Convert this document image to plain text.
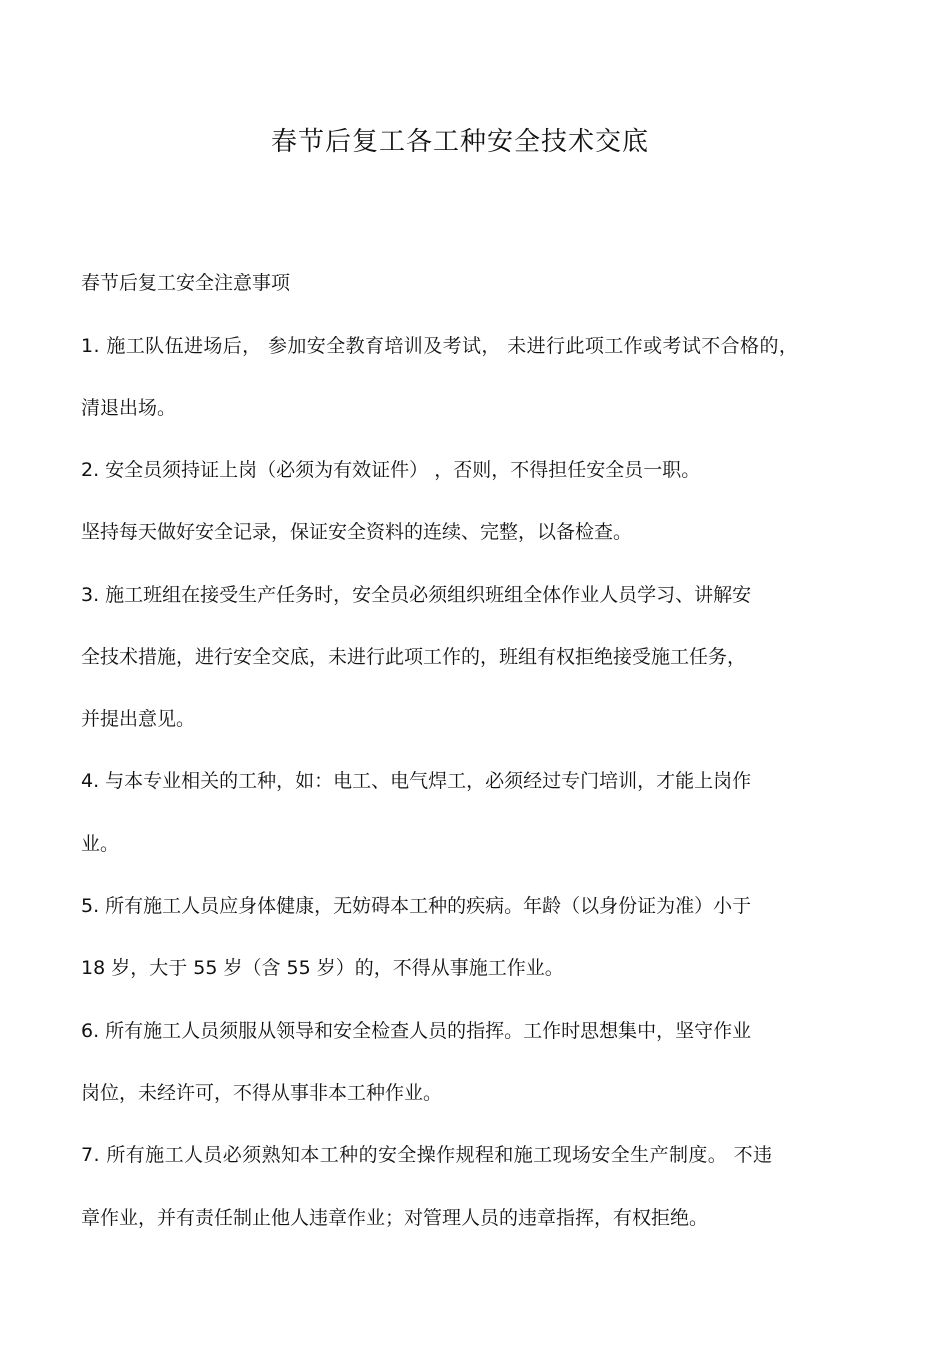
春节后复工各工种安全技术交底

春节后复工安全注意事项

1. 施工队伍进场后， 参加安全教育培训及考试， 未进行此项工作或考试不合格的，

清退出场。

2. 安全员须持证上岗（必须为有效证件） ，否则，不得担任安全员一职。

坚持每天做好安全记录，保证安全资料的连续、完整，以备检查。

3. 施工班组在接受生产任务时，安全员必须组织班组全体作业人员学习、讲解安

全技术措施，进行安全交底，未进行此项工作的，班组有权拒绝接受施工任务，

并提出意见。

4. 与本专业相关的工种，如：电工、电气焊工，必须经过专门培训，才能上岗作

业。

5. 所有施工人员应身体健康，无妨碍本工种的疾病。年龄（以身份证为准）小于

18 岁，大于 55 岁（含 55 岁）的，不得从事施工作业。

6. 所有施工人员须服从领导和安全检查人员的指挥。工作时思想集中，坚守作业

岗位，未经许可，不得从事非本工种作业。

7. 所有施工人员必须熟知本工种的安全操作规程和施工现场安全生产制度。 不违

章作业，并有责任制止他人违章作业；对管理人员的违章指挥，有权拒绝。
